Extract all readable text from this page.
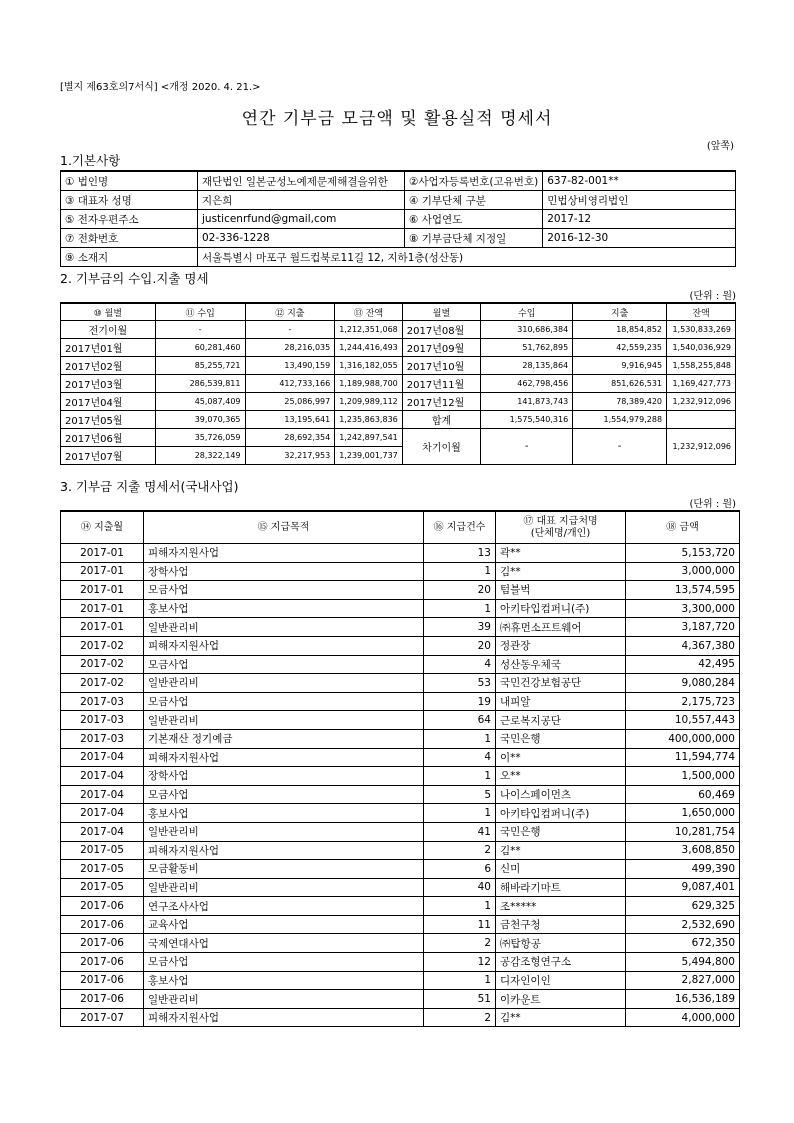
[별지 제63호의7서식] <개정 2020. 4. 21.>
연간 기부금 모금액 및 활용실적 명세서
(앞쪽)
1.기본사항
① 법인명	재단법인 일본군성노예제문제해결을위한	②사업자등록번호(고유번호)	637-82-001**
③ 대표자 성명	지은희	④ 기부단체 구분	민법상비영리법인
⑤ 전자우편주소	justicenrfund@gmail,com	⑥ 사업연도	2017-12
⑦ 전화번호	02-336-1228	⑧ 기부금단체 지정일	2016-12-30
⑨ 소재지	서울특별시 마포구 월드컵북로11길 12, 지하1층(성산동)		
2. 기부금의 수입.지출 명세
(단위 : 원)
⑩ 월별	⑪ 수입	⑫ 지출	⑬ 잔액	월별	수입	지출	잔액
전기이월	-	-	1,212,351,068	2017년08월	310,686,384	18,854,852	1,530,833,269
2017년01월	60,281,460	28,216,035	1,244,416,493	2017년09월	51,762,895	42,559,235	1,540,036,929
2017년02월	85,255,721	13,490,159	1,316,182,055	2017년10월	28,135,864	9,916,945	1,558,255,848
2017년03월	286,539,811	412,733,166	1,189,988,700	2017년11월	462,798,456	851,626,531	1,169,427,773
2017년04월	45,087,409	25,086,997	1,209,989,112	2017년12월	141,873,743	78,389,420	1,232,912,096
2017년05월	39,070,365	13,195,641	1,235,863,836	합계	1,575,540,316	1,554,979,288	
2017년06월	35,726,059	28,692,354	1,242,897,541	차기이월	-	-	1,232,912,096
2017년07월	28,322,149	32,217,953	1,239,001,737				
3. 기부금 지출 명세서(국내사업)
(단위 : 원)
⑭ 지출월	⑮ 지급목적	⑯ 지급건수	⑰ 대표 지급처명
(단체명/개인)	⑱ 금액
2017-01	피해자지원사업	13	곽**	5,153,720
2017-01	장학사업	1	김**	3,000,000
2017-01	모금사업	20	텀블벅	13,574,595
2017-01	홍보사업	1	아키타입컴퍼니(주)	3,300,000
2017-01	일반관리비	39	㈜휴먼소프트웨어	3,187,720
2017-02	피해자지원사업	20	정관장	4,367,380
2017-02	모금사업	4	성산동우체국	42,495
2017-02	일반관리비	53	국민건강보험공단	9,080,284
2017-03	모금사업	19	내피알	2,175,723
2017-03	일반관리비	64	근로복지공단	10,557,443
2017-03	기본재산 정기예금	1	국민은행	400,000,000
2017-04	피해자지원사업	4	이**	11,594,774
2017-04	장학사업	1	오**	1,500,000
2017-04	모금사업	5	나이스페이먼츠	60,469
2017-04	홍보사업	1	아키타입컴퍼니(주)	1,650,000
2017-04	일반관리비	41	국민은행	10,281,754
2017-05	피해자지원사업	2	김**	3,608,850
2017-05	모금활동비	6	신미	499,390
2017-05	일반관리비	40	해바라기마트	9,087,401
2017-06	연구조사사업	1	조*****	629,325
2017-06	교육사업	11	금천구청	2,532,690
2017-06	국제연대사업	2	㈜탑항공	672,350
2017-06	모금사업	12	공감조형연구소	5,494,800
2017-06	홍보사업	1	디자인이인	2,827,000
2017-06	일반관리비	51	이카운트	16,536,189
2017-07	피해자지원사업	2	김**	4,000,000
